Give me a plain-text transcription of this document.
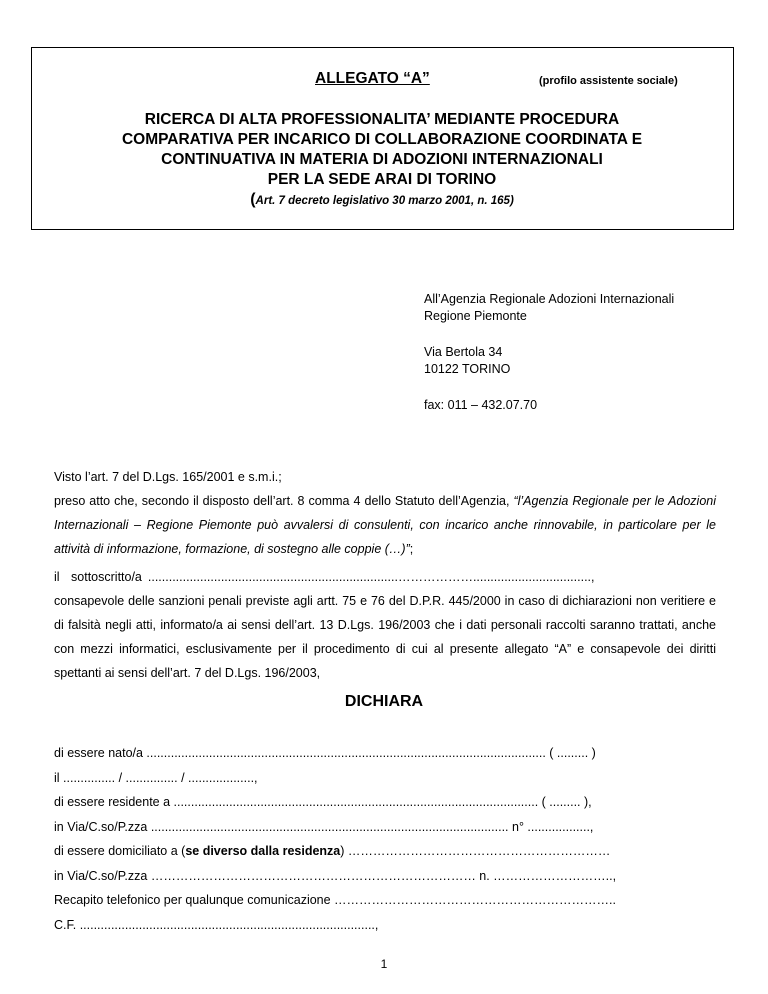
ALLEGATO “A”	(profilo assistente sociale)
RICERCA DI ALTA PROFESSIONALITA’ MEDIANTE PROCEDURA
COMPARATIVA PER INCARICO DI COLLABORAZIONE COORDINATA E
CONTINUATIVA IN MATERIA DI ADOZIONI INTERNAZIONALI
PER LA SEDE ARAI DI TORINO
(Art. 7 decreto legislativo 30 marzo 2001, n. 165)
All’Agenzia Regionale Adozioni Internazionali
Regione Piemonte
Via Bertola 34
10122 TORINO
fax: 011 – 432.07.70

Visto l’art. 7 del D.Lgs. 165/2001 e s.m.i.;

preso atto che, secondo il disposto dell’art. 8 comma 4 dello Statuto dell’Agenzia, “l’Agenzia Regionale per le Adozioni Internazionali – Regione Piemonte può avvalersi di consulenti, con incarico anche rinnovabile, in particolare per le attività di informazione, formazione, di sostegno alle coppie (…)”;

il sottoscritto/a ........................................................................………………..................................,

consapevole delle sanzioni penali previste agli artt. 75 e 76 del D.P.R. 445/2000 in caso di dichiarazioni non veritiere e di falsità negli atti, informato/a ai sensi dell’art. 13 D.Lgs. 196/2003 che i dati personali raccolti saranno trattati, anche con mezzi informatici, esclusivamente per il procedimento di cui al presente allegato “A” e consapevole dei diritti spettanti ai sensi dell’art. 7 del D.Lgs. 196/2003,

DICHIARA
di essere nato/a ................................................................................................................... ( ......... )
il ............... / ............... / ...................,
di essere residente a ......................................................................................................... ( ......... ),
in Via/C.so/P.zza ....................................................................................................... n° ..................,
di essere domiciliato a (se diverso dalla residenza) ………………………………………………………
in Via/C.so/P.zza …………………………………………………………………… n. ………………………..,
Recapito telefonico per qualunque comunicazione …………………………………………………………..
C.F. .....................................................................................,
1
